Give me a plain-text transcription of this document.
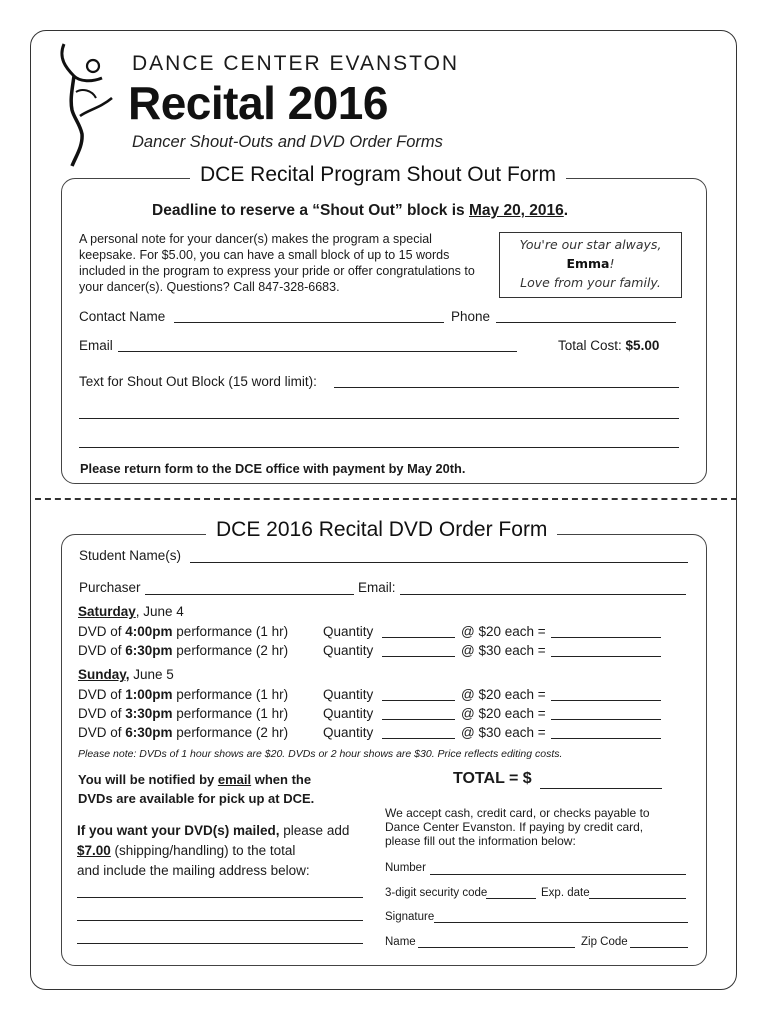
DANCE CENTER EVANSTON
Recital 2016
Dancer Shout-Outs and DVD Order Forms
DCE Recital Program Shout Out Form
Deadline to reserve a “Shout Out” block is May 20, 2016.
A personal note for your dancer(s) makes the program a special keepsake. For $5.00, you can have a small block of up to 15 words included in the program to express your pride or offer congratulations to your dancer(s). Questions? Call 847-328-6683.
You're our star always,
Emma!
Love from your family.
Contact Name	Phone
Email	Total Cost: $5.00
Text for Shout Out Block (15 word limit):
Please return form to the DCE office with payment by May 20th.
DCE 2016 Recital DVD Order Form
Student Name(s)
Purchaser	Email:
Saturday, June 4
DVD of 4:00pm performance (1 hr)	Quantity	@ $20 each =
DVD of 6:30pm performance (2 hr)	Quantity	@ $30 each =
Sunday, June 5
DVD of 1:00pm performance (1 hr)	Quantity	@ $20 each =
DVD of 3:30pm performance (1 hr)	Quantity	@ $20 each =
DVD of 6:30pm performance (2 hr)	Quantity	@ $30 each =
Please note: DVDs of 1 hour shows are $20. DVDs or 2 hour shows are $30. Price reflects editing costs.
You will be notified by email when the
DVDs are available for pick up at DCE.
TOTAL = $
We accept cash, credit card, or checks payable to Dance Center Evanston. If paying by credit card, please fill out the information below:
If you want your DVD(s) mailed, please add
$7.00 (shipping/handling) to the total
and include the mailing address below:	Number
3-digit security code	Exp. date
Signature
Name	Zip Code
